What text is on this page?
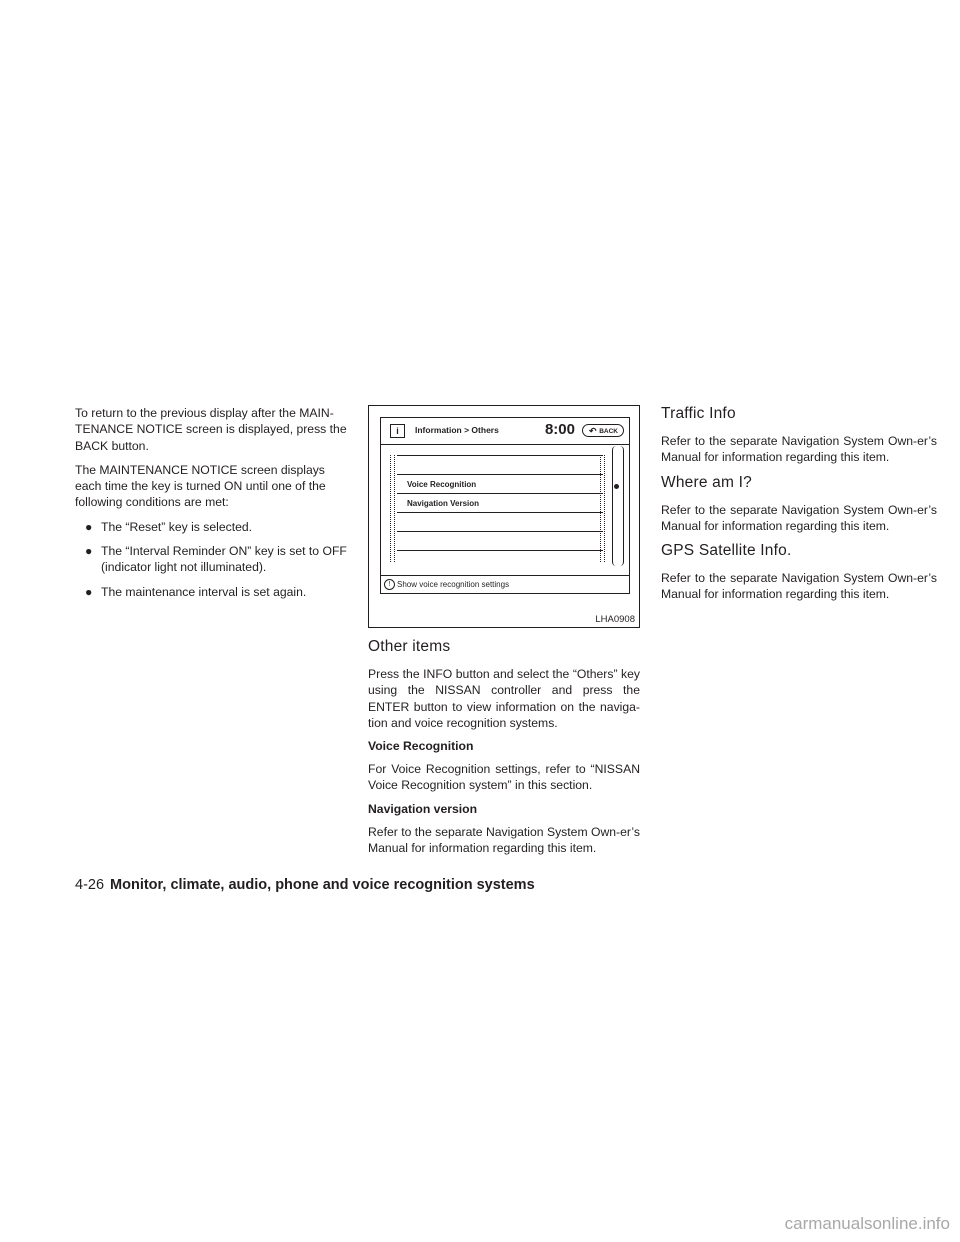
To return to the previous display after the MAIN-TENANCE NOTICE screen is displayed, press the BACK button.

The MAINTENANCE NOTICE screen displays each time the key is turned ON until one of the following conditions are met:

● The “Reset” key is selected.
● The “Interval Reminder ON” key is set to OFF (indicator light not illuminated).
● The maintenance interval is set again.
i	Information > Others	8:00 ↶ BACK
Voice Recognition
Navigation Version
! Show voice recognition settings
LHA0908
Other items

Press the INFO button and select the “Others” key using the NISSAN controller and press the ENTER button to view information on the naviga-tion and voice recognition systems.

Voice Recognition

For Voice Recognition settings, refer to “NISSAN Voice Recognition system” in this section.

Navigation version

Refer to the separate Navigation System Own-er’s Manual for information regarding this item.

Traffic Info

Refer to the separate Navigation System Own-er’s Manual for information regarding this item.

Where am I?

Refer to the separate Navigation System Own-er’s Manual for information regarding this item.

GPS Satellite Info.

Refer to the separate Navigation System Own-er’s Manual for information regarding this item.

4-26 Monitor, climate, audio, phone and voice recognition systems
carmanualsonline.info
